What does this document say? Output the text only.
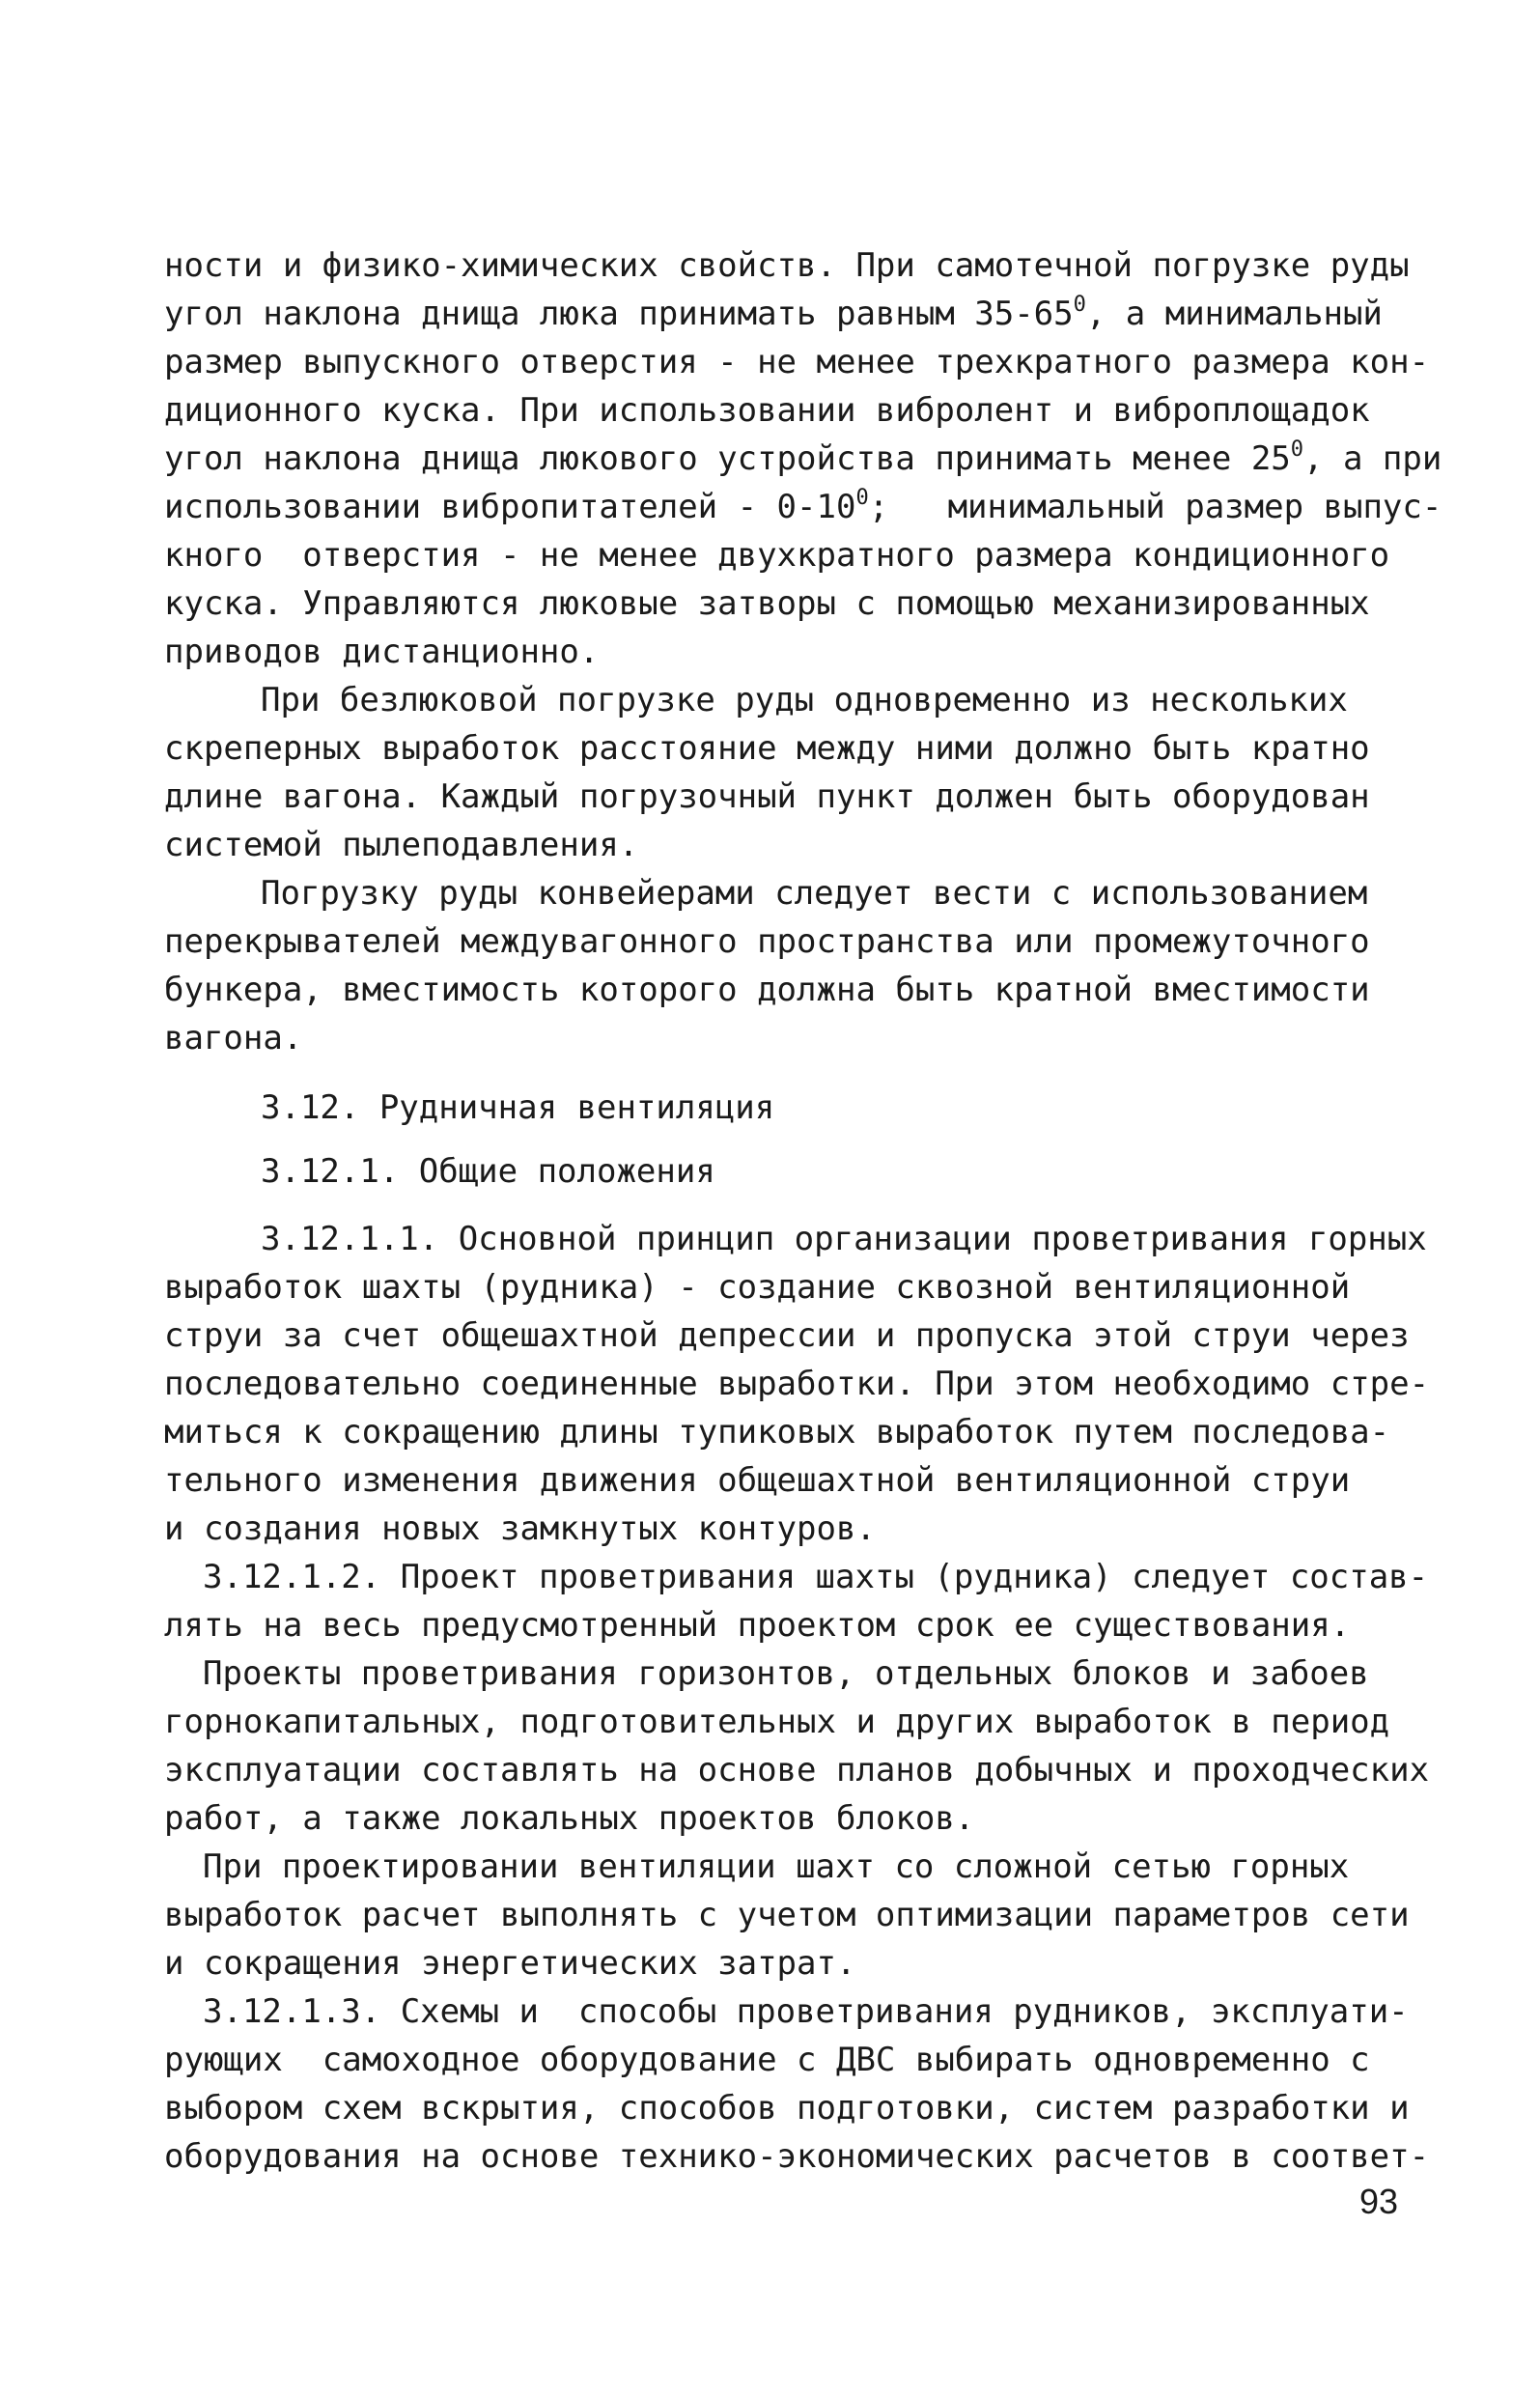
ности и физико-химических свойств. При самотечной погрузке руды
угол наклона днища люка принимать равным $35-65^0$, а минимальный
размер выпускного отверстия - не менее трехкратного размера кон-
диционного куска. При использовании вибролент и виброплощадок
угол наклона днища люкового устройства принимать менее $25^0$, а при
использовании вибропитателей - $0-10^0$;   минимальный размер выпус-
кного  отверстия - не менее двухкратного размера кондиционного
куска. Управляются люковые затворы с помощью механизированных
приводов дистанционно.
При безлюковой погрузке руды одновременно из нескольких
скреперных выработок расстояние между ними должно быть кратно
длине вагона. Каждый погрузочный пункт должен быть оборудован
системой пылеподавления.
Погрузку руды конвейерами следует вести с использованием
перекрывателей междувагонного пространства или промежуточного
бункера, вместимость которого должна быть кратной вместимости
вагона.
3.12. Рудничная вентиляция
3.12.1. Общие положения
3.12.1.1. Основной принцип организации проветривания горных
выработок шахты (рудника) - создание сквозной вентиляционной
струи за счет общешахтной депрессии и пропуска этой струи через
последовательно соединенные выработки. При этом необходимо стре-
миться к сокращению длины тупиковых выработок путем последова-
тельного изменения движения общешахтной вентиляционной струи
и создания новых замкнутых контуров.
3.12.1.2. Проект проветривания шахты (рудника) следует состав-
лять на весь предусмотренный проектом срок ее существования.
Проекты проветривания горизонтов, отдельных блоков и забоев
горнокапитальных, подготовительных и других выработок в период
эксплуатации составлять на основе планов добычных и проходческих
работ, а также локальных проектов блоков.
При проектировании вентиляции шахт со сложной сетью горных
выработок расчет выполнять с учетом оптимизации параметров сети
и сокращения энергетических затрат.
3.12.1.3. Схемы и  способы проветривания рудников, эксплуати-
рующих  самоходное оборудование с ДВС выбирать одновременно с
выбором схем вскрытия, способов подготовки, систем разработки и
оборудования на основе технико-экономических расчетов в соответ-
93
